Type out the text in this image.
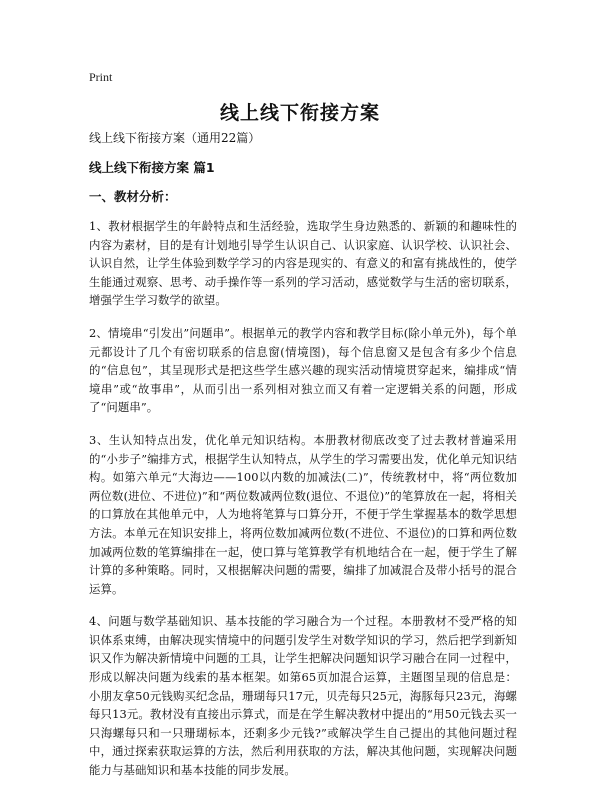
Print
线上线下衔接方案

线上线下衔接方案（通用22篇）

线上线下衔接方案 篇1

一、教材分析：

1、教材根据学生的年龄特点和生活经验，选取学生身边熟悉的、新颖的和趣味性的内容为素材，目的是有计划地引导学生认识自己、认识家庭、认识学校、认识社会、认识自然，让学生体验到数学学习的内容是现实的、有意义的和富有挑战性的，使学生能通过观察、思考、动手操作等一系列的学习活动，感觉数学与生活的密切联系，增强学生学习数学的欲望。

2、情境串“引发出”问题串”。根据单元的教学内容和教学目标(除小单元外)，每个单元都设计了几个有密切联系的信息窗(情境图)，每个信息窗又是包含有多少个信息的“信息包”，其呈现形式是把这些学生感兴趣的现实活动情境贯穿起来，编排成“情境串”或“故事串”，从而引出一系列相对独立而又有着一定逻辑关系的问题，形成了“问题串”。

3、生认知特点出发，优化单元知识结构。本册教材彻底改变了过去教材普遍采用的“小步子”编排方式，根据学生认知特点，从学生的学习需要出发，优化单元知识结构。如第六单元“大海边——100以内数的加减法(二)”，传统教材中，将“两位数加两位数(进位、不进位)”和“两位数减两位数(退位、不退位)”的笔算放在一起，将相关的口算放在其他单元中，人为地将笔算与口算分开，不便于学生掌握基本的数学思想方法。本单元在知识安排上，将两位数加减两位数(不进位、不退位)的口算和两位数加减两位数的笔算编排在一起，使口算与笔算教学有机地结合在一起，便于学生了解计算的多种策略。同时，又根据解决问题的需要，编排了加减混合及带小括号的混合运算。

4、问题与数学基础知识、基本技能的学习融合为一个过程。本册教材不受严格的知识体系束缚，由解决现实情境中的问题引发学生对数学知识的学习，然后把学到新知识又作为解决新情境中问题的工具，让学生把解决问题知识学习融合在同一过程中，形成以解决问题为线索的基本框架。如第65页加混合运算，主题图呈现的信息是：小朋友拿50元钱购买纪念品，珊瑚每只17元，贝壳每只25元，海豚每只23元，海螺每只13元。教材没有直接出示算式，而是在学生解决教材中提出的“用50元钱去买一只海螺每只和一只珊瑚标本，还剩多少元钱?”或解决学生自己提出的其他问题过程中，通过探索获取运算的方法，然后利用获取的方法，解决其他问题，实现解决问题能力与基础知识和基本技能的同步发展。
